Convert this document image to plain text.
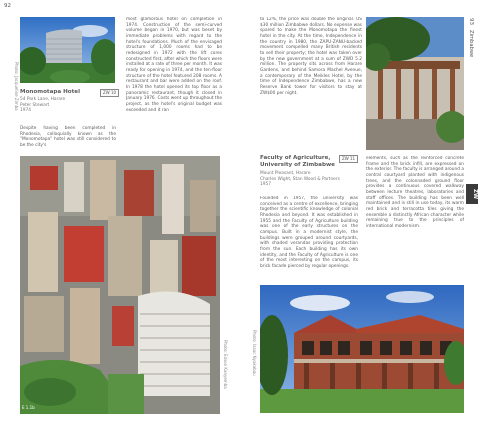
92
Photo: Jacqueline Zimba Monomotapa Hotel	ZW 10
54 Park Lane, Harare
Peter Stewart
1974

Despite having been completed in Rhodesia, colloquially known as the "Monomotapa" hotel was still considered to be the city's

most glamorous hotel on completion in 1974. Construction of the semi-curved volume began in 1970, but was beset by immediate problems with regard to the hotel's foundations. Much of the envisaged structure of 1,000 rooms had to be redesigned in 1972 with the lift cores constructed first, after which the floors were installed at a rate of three per month. It was ready for opening in 1974, and the ten-floor structure of the hotel featured 208 rooms. A restaurant and bar were added on the roof. In 1978 the hotel opened its top floor as a panoramic restaurant, though it closed in January 1976. Costs went up throughout the project, as the hotel's original budget was exceeded and it ran

E 1.1b
Photo: Edson Kanyemba
93
Zimbabwe
ZW

to 12%, the price was double the original. US $30 million Zimbabwe dollars. No expense was spared to make the Monomotapa the finest hotel in the city. At the time, Independence in the country in 1980, the ZAPU-ZANU-backed movement compelled many British residents to sell their property; the hotel was taken over by the new government at a sum of ZWD 5.2 million. The property sits across from Harare Gardens, and behind Samora Machel Avenue, a contemporary of the Meikles Hotel, by the time of Independence Zimbabwe, has a new Reserve Bank tower for visitors to stay at ZW$00 per night.

Faculty of Agriculture,

University of Zimbabwe

ZW 11
Mount Pleasant, Harare
Charles Wight, Stan Wood & Partners
1957

Founded in 1957, the university was conceived as a centre of excellence, bringing together the scientific knowledge of colonial Rhodesia and beyond. It was established in 1955 and the Faculty of Agriculture building was one of the early structures on the campus. Built in a modernist style, the buildings were grouped around courtyards, with shaded verandas providing protection from the sun. Each building has its own identity, and the Faculty of Agriculture is one of the most interesting on the campus, its brick facade pierced by regular openings.

elements, such as the reinforced concrete frame and the brick infill, are expressed on the exterior. The faculty is arranged around a central courtyard planted with indigenous trees, and the colonnaded ground floor provides a continuous covered walkway between lecture theatres, laboratories and staff offices. The building has been well maintained and is still in use today, its warm red brick and terracotta tiles giving the ensemble a distinctly African character while remaining true to the principles of international modernism.

Photo: Isaac Nyakabau
